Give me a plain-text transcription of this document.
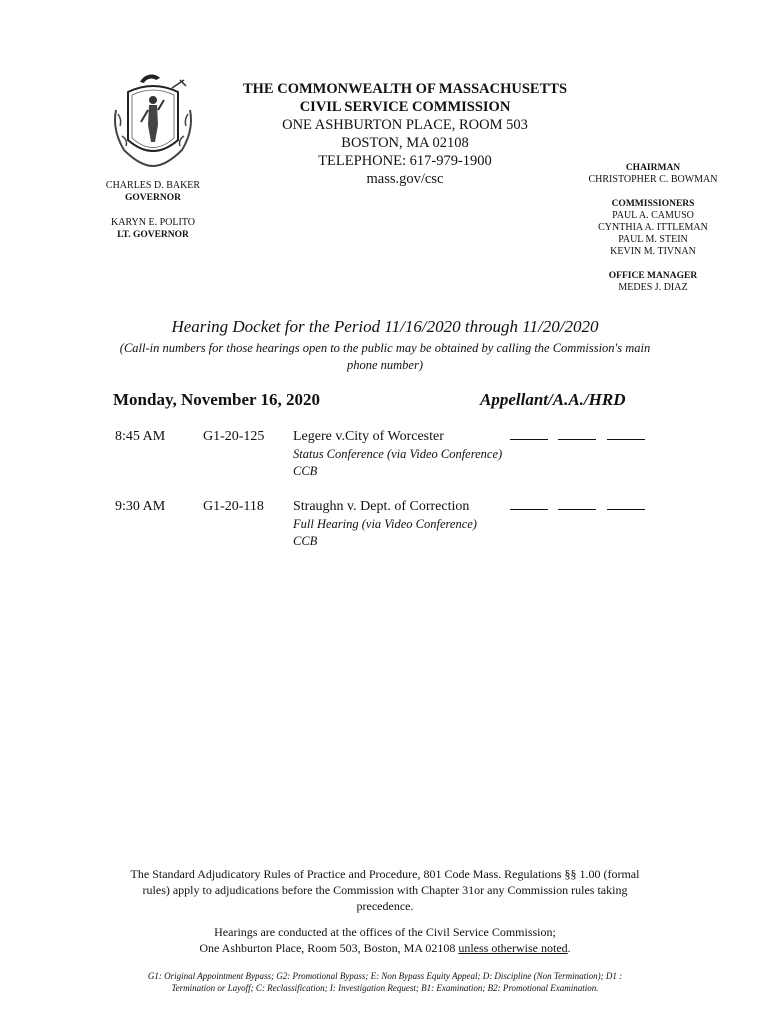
THE COMMONWEALTH OF MASSACHUSETTS
CIVIL SERVICE COMMISSION
ONE ASHBURTON PLACE, ROOM 503
BOSTON, MA 02108
TELEPHONE: 617-979-1900
mass.gov/csc
CHARLES D. BAKER
GOVERNOR
KARYN E. POLITO
LT. GOVERNOR
CHAIRMAN
CHRISTOPHER C. BOWMAN
COMMISSIONERS
PAUL A. CAMUSO
CYNTHIA A. ITTLEMAN
PAUL M. STEIN
KEVIN M. TIVNAN
OFFICE MANAGER
MEDES J. DIAZ
Hearing Docket for the Period 11/16/2020 through 11/20/2020
(Call-in numbers for those hearings open to the public may be obtained by calling the Commission's main
phone number)
Monday, November 16, 2020	Appellant/A.A./HRD
8:45 AM	G1-20-125 Legere v.City of Worcester
Status Conference (via Video Conference)
CCB
9:30 AM	G1-20-118 Straughn v. Dept. of Correction
Full Hearing (via Video Conference)
CCB
The Standard Adjudicatory Rules of Practice and Procedure, 801 Code Mass. Regulations §§ 1.00 (formal
rules) apply to adjudications before the Commission with Chapter 31or any Commission rules taking
precedence.
Hearings are conducted at the offices of the Civil Service Commission;
One Ashburton Place, Room 503, Boston, MA 02108 unless otherwise noted.
G1: Original Appointment Bypass; G2: Promotional Bypass; E: Non Bypass Equity Appeal; D: Discipline (Non Termination); D1 :
Termination or Layoff; C: Reclassification; I: Investigation Request; B1: Examination; B2: Promotional Examination.
